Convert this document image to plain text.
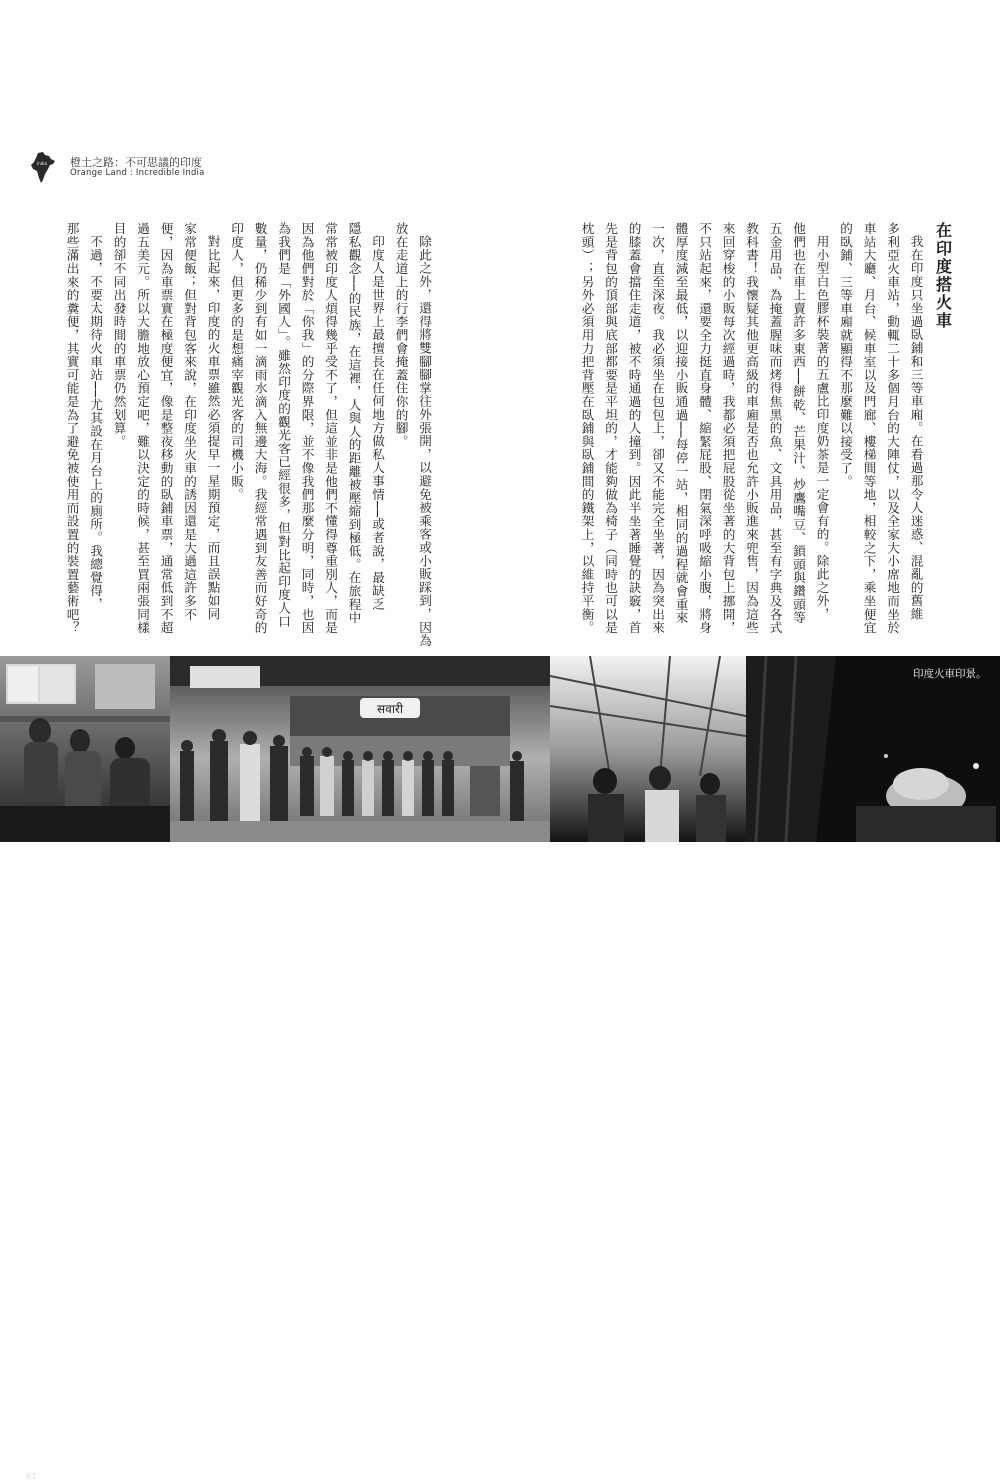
India 橙土之路：不可思議的印度
Orange Land : Incredible India
在印度搭火車
我在印度只坐過臥鋪和三等車廂。在看過那令人迷惑、混亂的舊維
多利亞火車站，動輒二十多個月台的大陣仗，以及全家大小席地而坐於
車站大廳、月台、候車室以及門廊、樓梯間等地，相較之下，乘坐便宜
的臥鋪、三等車廂就顯得不那麼難以接受了。
用小型白色膠杯裝著的五盧比印度奶茶是一定會有的。除此之外，
他們也在車上賣許多東西──餅乾、芒果汁、炒鷹嘴豆、鎖頭與鑽頭等
五金用品、為掩蓋腥味而烤得焦黑的魚、文具用品，甚至有字典及各式
教科書！我懷疑其他更高級的車廂是否也允許小販進來兜售，因為這些
來回穿梭的小販每次經過時，我都必須把屁股從坐著的大背包上挪開，
不只站起來，還要全力挺直身體、縮緊屁股、閉氣深呼吸縮小腹，將身
體厚度減至最低，以迎接小販通過──每停一站，相同的過程就會重來
一次，直至深夜。我必須坐在包包上，卻又不能完全坐著，因為突出來
的膝蓋會擋住走道，被不時通過的人撞到。因此半坐著睡覺的訣竅，首
先是背包的頂部與底部都要是平坦的，才能夠做為椅子（同時也可以是
枕頭）；另外必須用力把背壓在臥鋪與臥鋪間的鐵架上，以維持平衡。
除此之外，還得將雙腳腳掌往外張開，以避免被乘客或小販踩到，因為
放在走道上的行李們會掩蓋住你的腳。
印度人是世界上最擅長在任何地方做私人事情──或者說，最缺乏
隱私觀念──的民族，在這裡，人與人的距離被壓縮到極低。在旅程中
常常被印度人煩得幾乎受不了，但這並非是他們不懂得尊重別人，而是
因為他們對於「你我」的分際界限，並不像我們那麼分明，同時，也因
為我們是「外國人」。雖然印度的觀光客已經很多，但對比起印度人口
數量，仍稀少到有如一滴雨水滴入無邊大海。我經常遇到友善而好奇的
印度人，但更多的是想痛宰觀光客的司機小販。
對比起來，印度的火車票雖然必須提早一星期預定，而且誤點如同
家常便飯；但對背包客來說，在印度坐火車的誘因還是大過這許多不
便，因為車票實在極度便宜，像是整夜移動的臥鋪車票，通常低到不超
過五美元。所以大膽地放心預定吧，難以決定的時候，甚至買兩張同樣
目的卻不同出發時間的車票仍然划算。
不過，不要太期待火車站──尤其設在月台上的廁所。我總覺得，
那些滿出來的糞便，其實可能是為了避免被使用而設置的裝置藝術吧？
सवारी
67
印度火車印景。
